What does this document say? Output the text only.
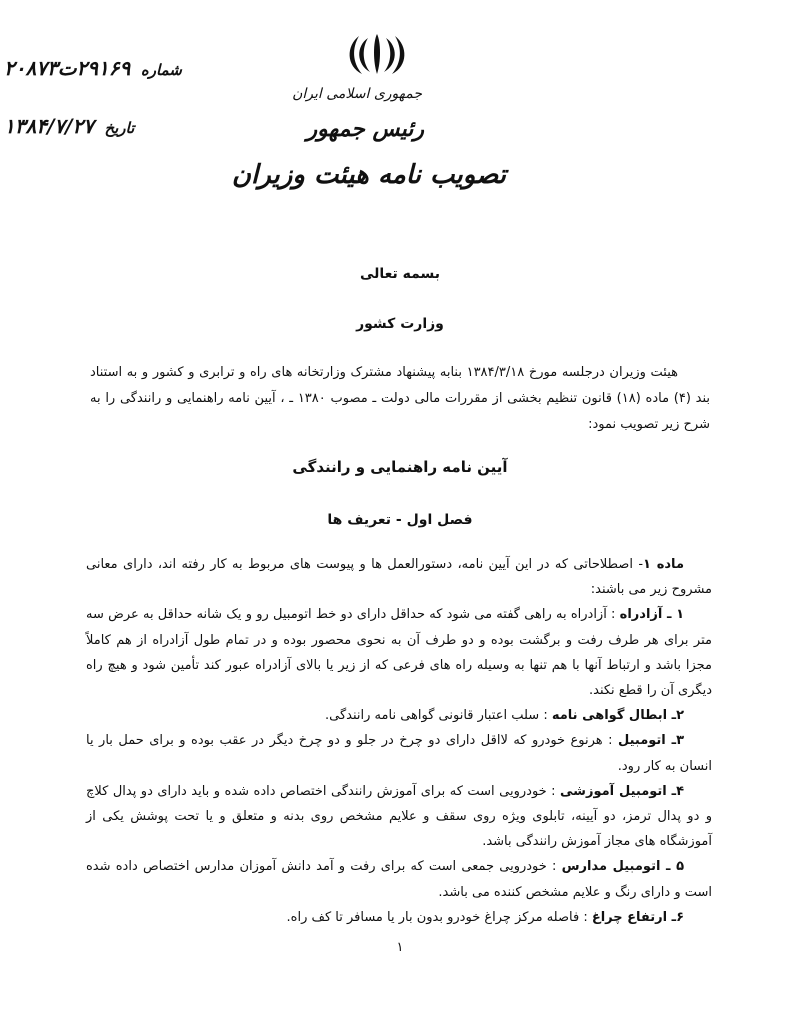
شماره ۲۹۱۶۹ت۲۰۸۷۳
تاریخ ۱۳۸۴/۷/۲۷
جمهوری اسلامی ایران
رئیس جمهور
تصویب نامه هیئت وزیران
بسمه تعالی
وزارت کشور
هیئت وزیران درجلسه مورخ ۱۳۸۴/۳/۱۸ بنابه پیشنهاد مشترک وزارتخانه های راه و ترابری و کشور و به استناد بند (۴) ماده (۱۸) قانون تنظیم بخشی از مقررات مالی دولت ـ مصوب ۱۳۸۰ ـ ، آیین نامه راهنمایی و رانندگی را به شرح زیر تصویب نمود:
آیین نامه راهنمایی و رانندگی
فصل اول - تعریف ها

ماده ۱- اصطلاحاتی که در این آیین نامه، دستورالعمل ها و پیوست های مربوط به کار رفته اند، دارای معانی مشروح زیر می باشند:

۱ ـ آزادراه : آزادراه به راهی گفته می شود که حداقل دارای دو خط اتومبیل رو و یک شانه حداقل به عرض سه متر برای هر طرف رفت و برگشت بوده و دو طرف آن به نحوی محصور بوده و در تمام طول آزادراه از هم کاملاً مجزا باشد و ارتباط آنها با هم تنها به وسیله راه های فرعی که از زیر یا بالای آزادراه عبور کند تأمین شود و هیچ راه دیگری آن را قطع نکند.

۲ـ ابطال گواهی نامه : سلب اعتبار قانونی گواهی نامه رانندگی.

۳ـ اتومبیل : هرنوع خودرو که لااقل دارای دو چرخ در جلو و دو چرخ دیگر در عقب بوده و برای حمل بار یا انسان به کار رود.

۴ـ اتومبیل آموزشی : خودرویی است که برای آموزش رانندگی اختصاص داده شده و باید دارای دو پدال کلاچ و دو پدال ترمز، دو آیینه، تابلوی ویژه روی سقف و علایم مشخص روی بدنه و متعلق و یا تحت پوشش یکی از آموزشگاه های مجاز آموزش رانندگی باشد.

۵ ـ اتومبیل مدارس : خودرویی جمعی است که برای رفت و آمد دانش آموزان مدارس اختصاص داده شده است و دارای رنگ و علایم مشخص کننده می باشد.

۶ـ ارتفاع چراغ : فاصله مرکز چراغ خودرو بدون بار یا مسافر تا کف راه.

۱
